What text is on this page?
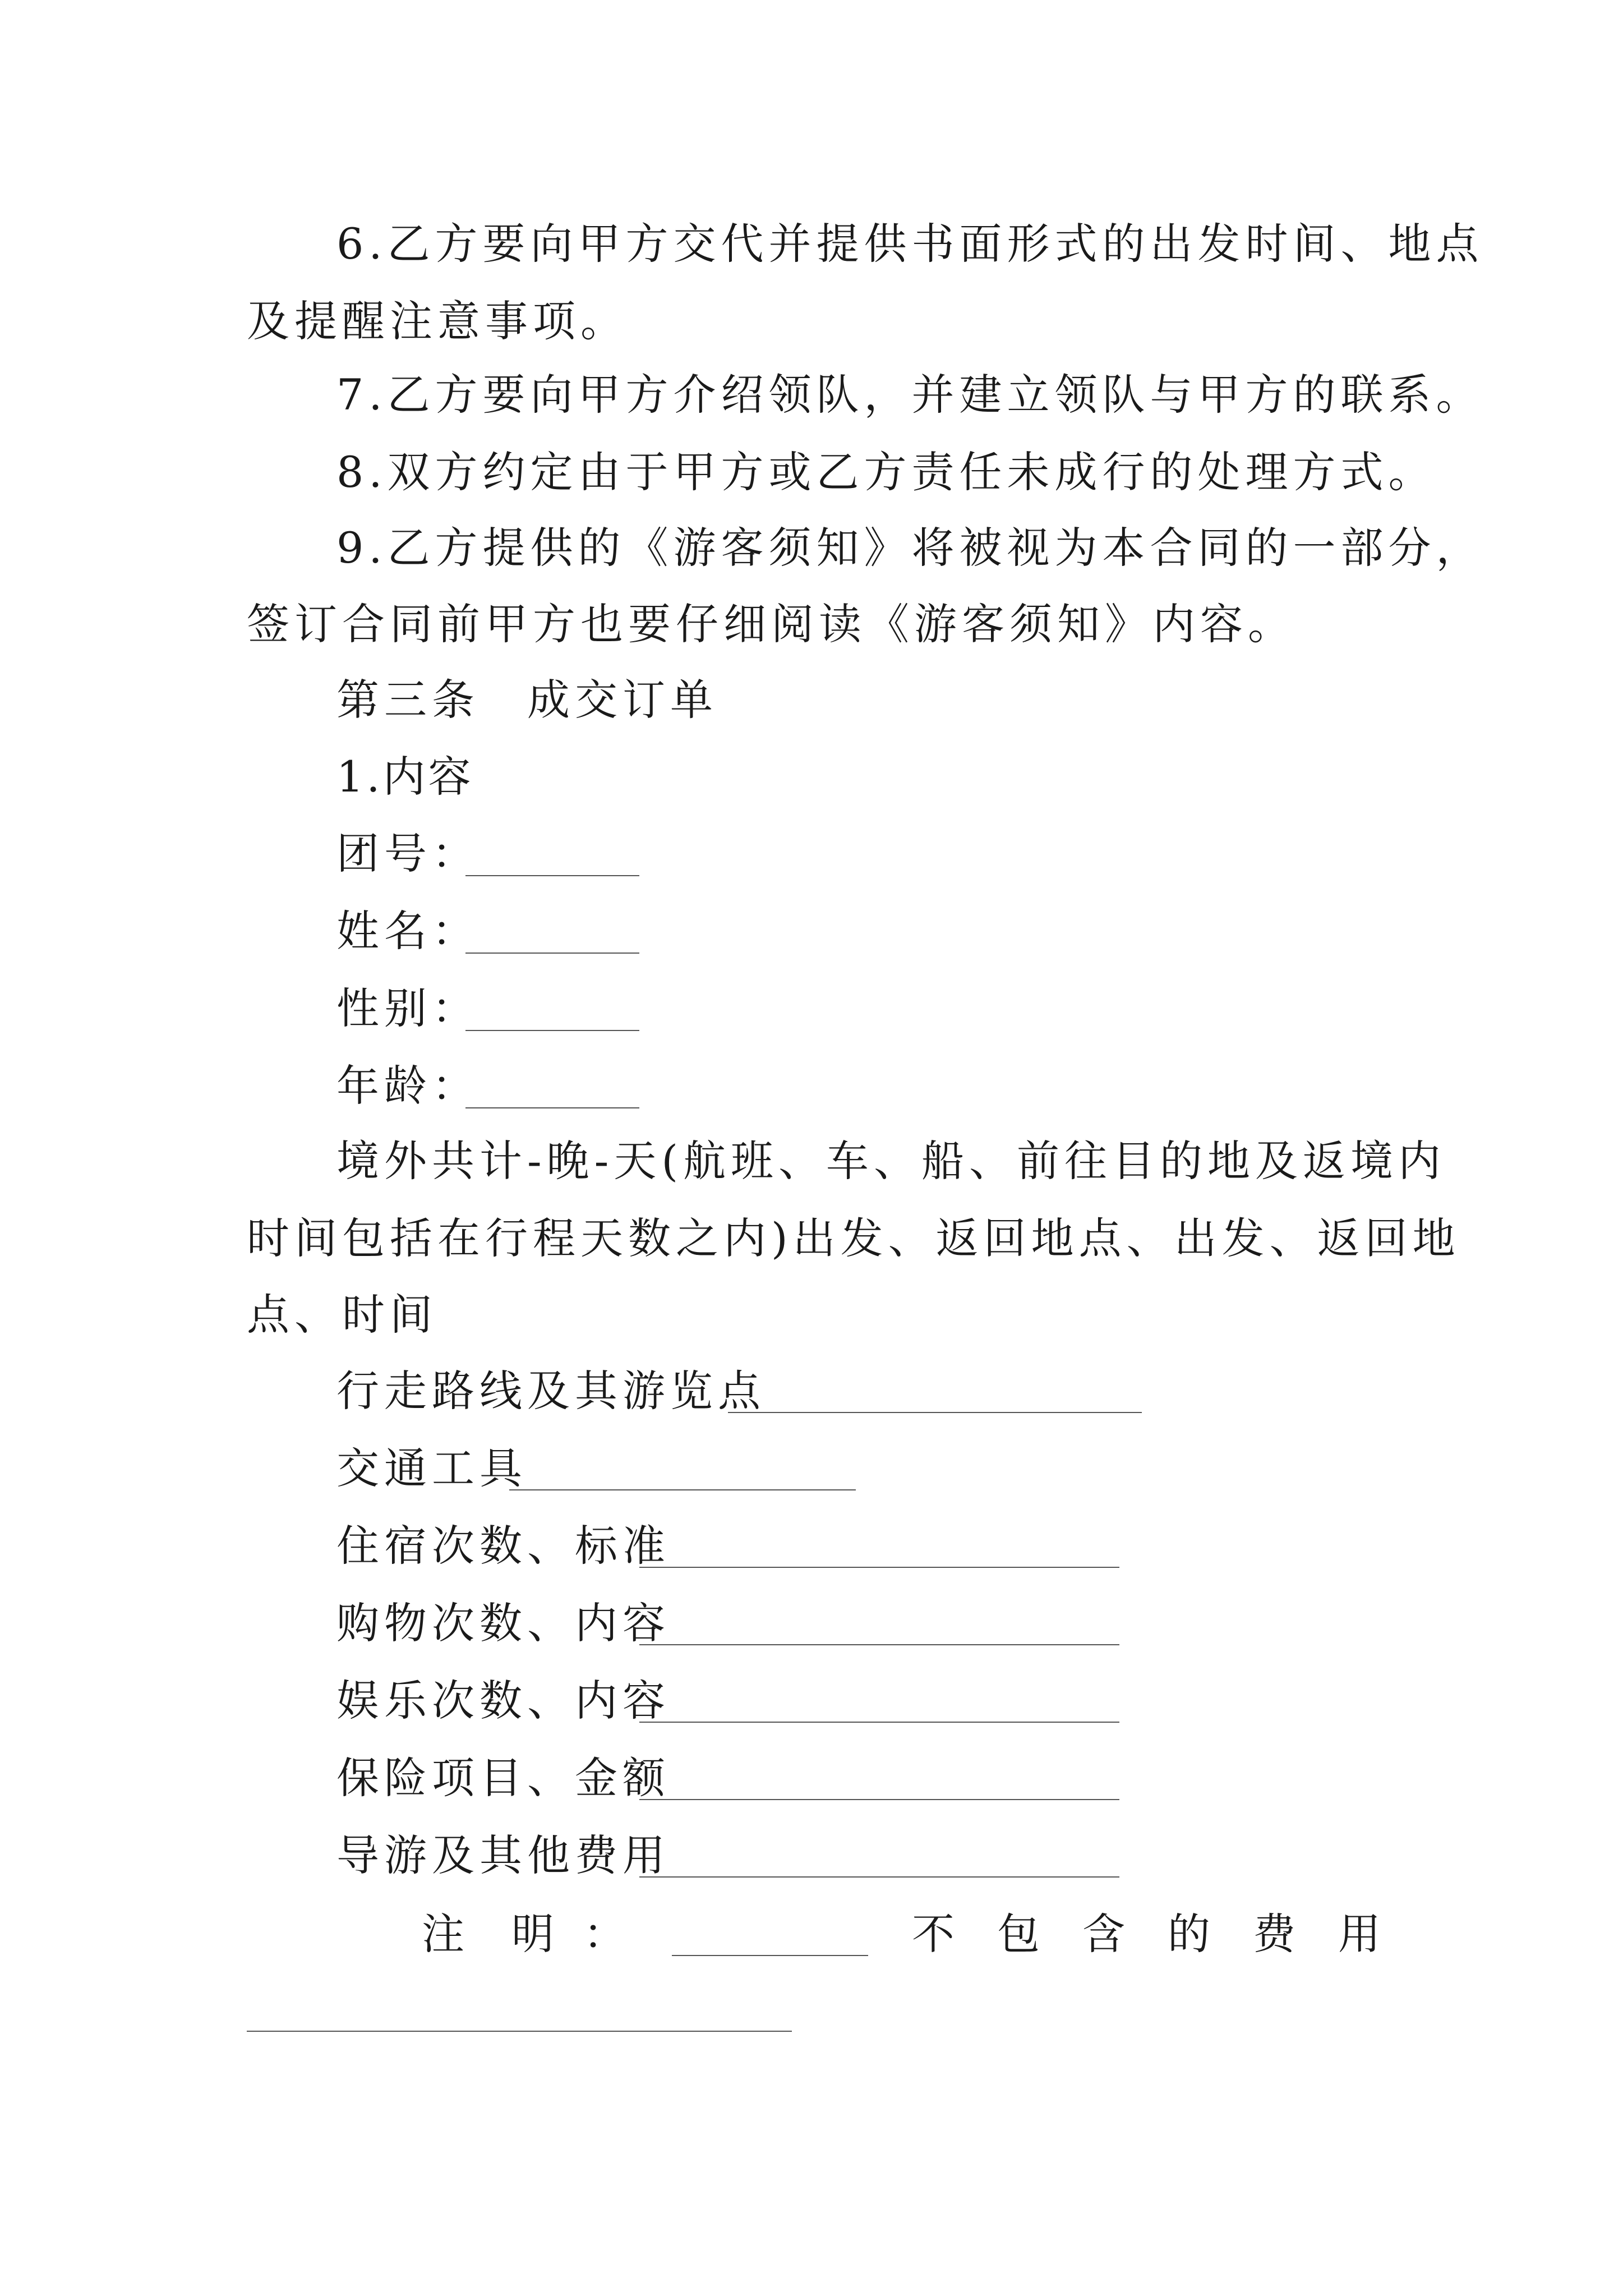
6.乙方要向甲方交代并提供书面形式的出发时间、地点
及提醒注意事项。
7.乙方要向甲方介绍领队，并建立领队与甲方的联系。
8.双方约定由于甲方或乙方责任未成行的处理方式。
9.乙方提供的《游客须知》将被视为本合同的一部分，
签订合同前甲方也要仔细阅读《游客须知》内容。
第三条　成交订单
1.内容
团号：
姓名：
性别：
年龄：
境外共计-晚-天(航班、车、船、前往目的地及返境内
时间包括在行程天数之内)出发、返回地点、出发、返回地
点、时间
行走路线及其游览点
交通工具
住宿次数、标准
购物次数、内容
娱乐次数、内容
保险项目、金额
导游及其他费用
注 明 ：	不 包 含 的 费 用
